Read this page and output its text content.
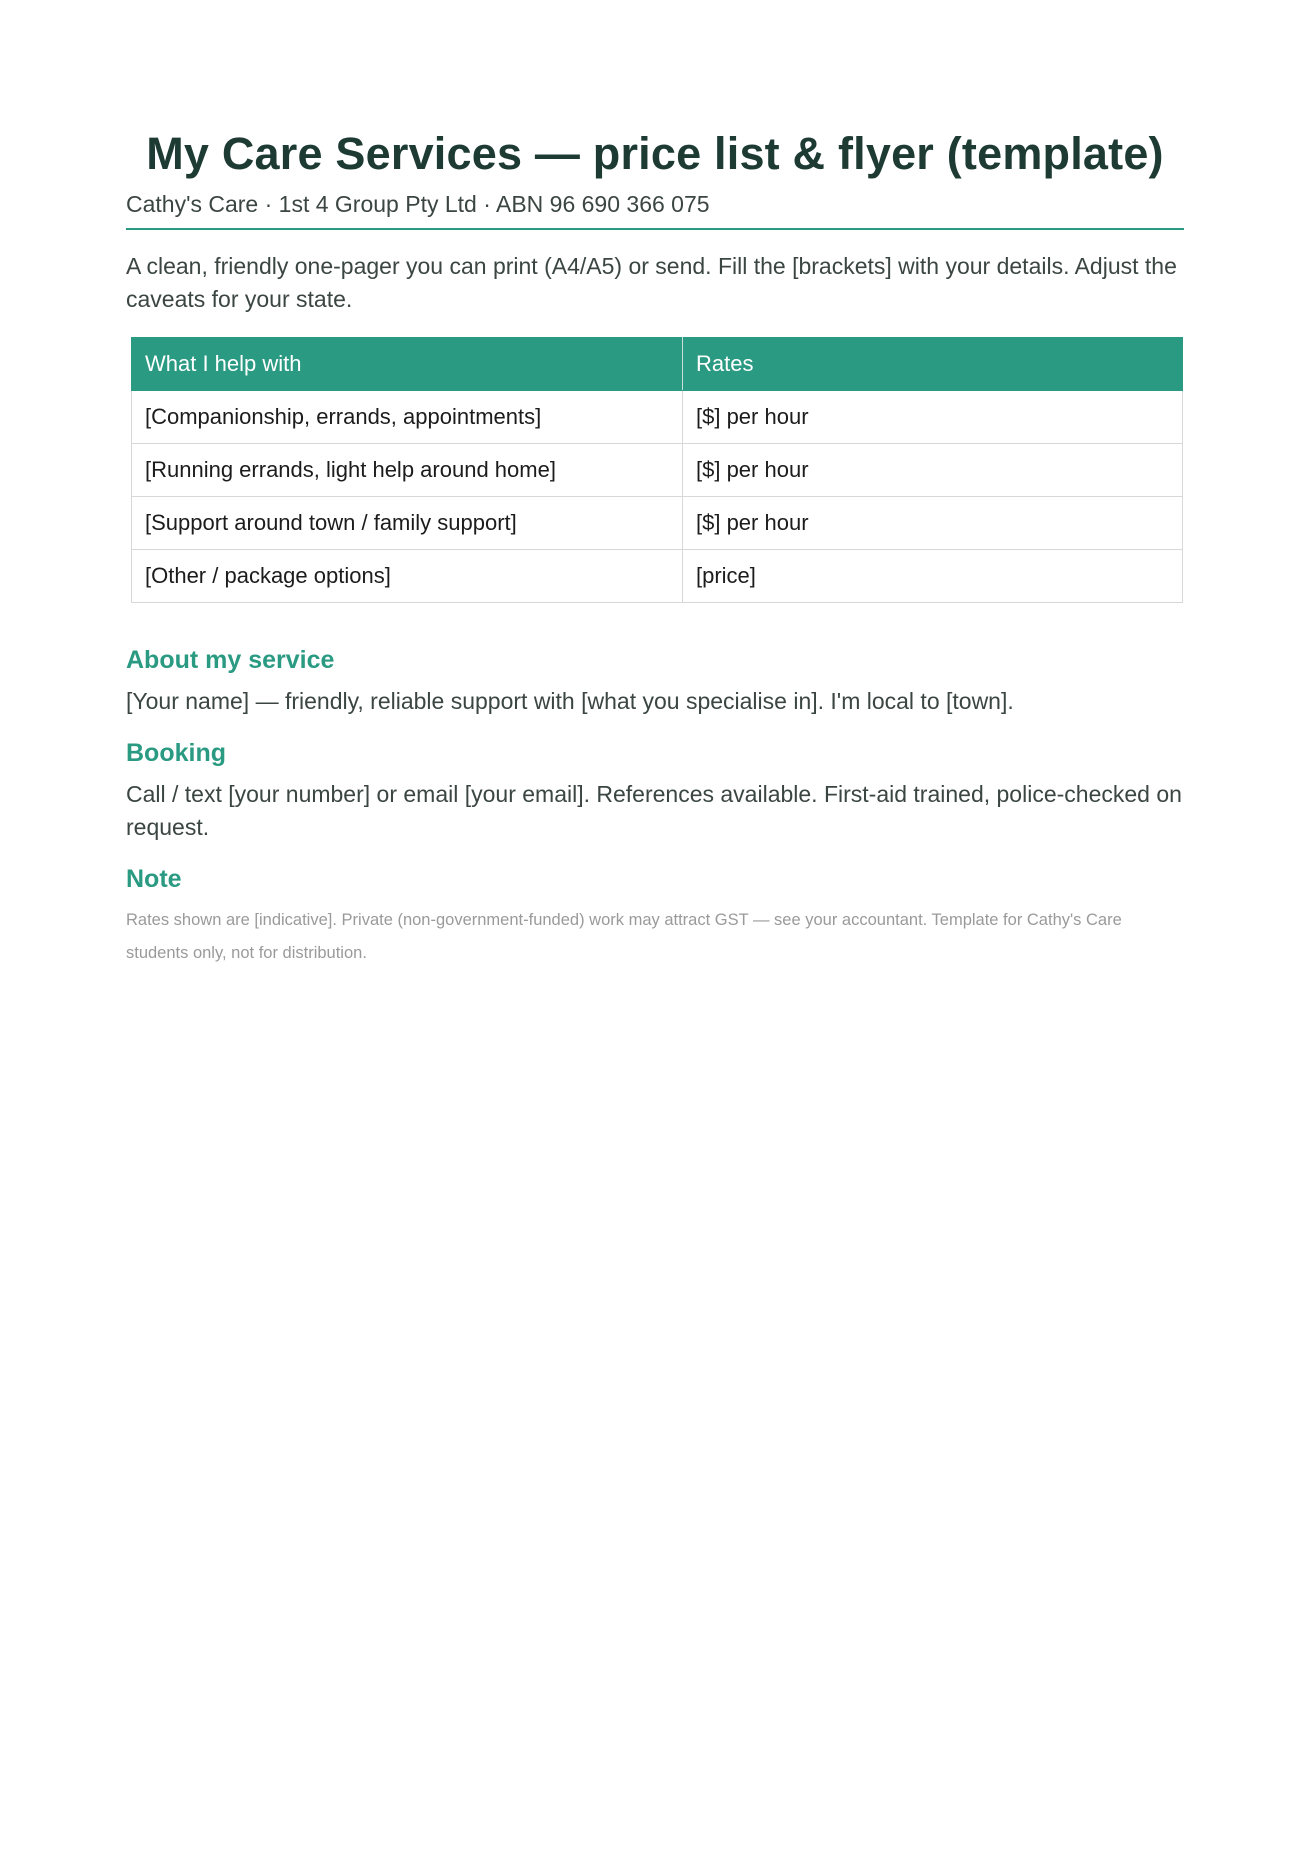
My Care Services — price list & flyer (template)
Cathy's Care · 1st 4 Group Pty Ltd · ABN 96 690 366 075

A clean, friendly one-pager you can print (A4/A5) or send. Fill the [brackets] with your details. Adjust the caveats for your state.

What I help with	Rates
[Companionship, errands, appointments]	[$] per hour
[Running errands, light help around home]	[$] per hour
[Support around town / family support]	[$] per hour
[Other / package options]	[price]
About my service

[Your name] — friendly, reliable support with [what you specialise in]. I'm local to [town].

Booking

Call / text [your number] or email [your email]. References available. First-aid trained, police-checked on request.

Note

Rates shown are [indicative]. Private (non-government-funded) work may attract GST — see your accountant. Template for Cathy's Care students only, not for distribution.
